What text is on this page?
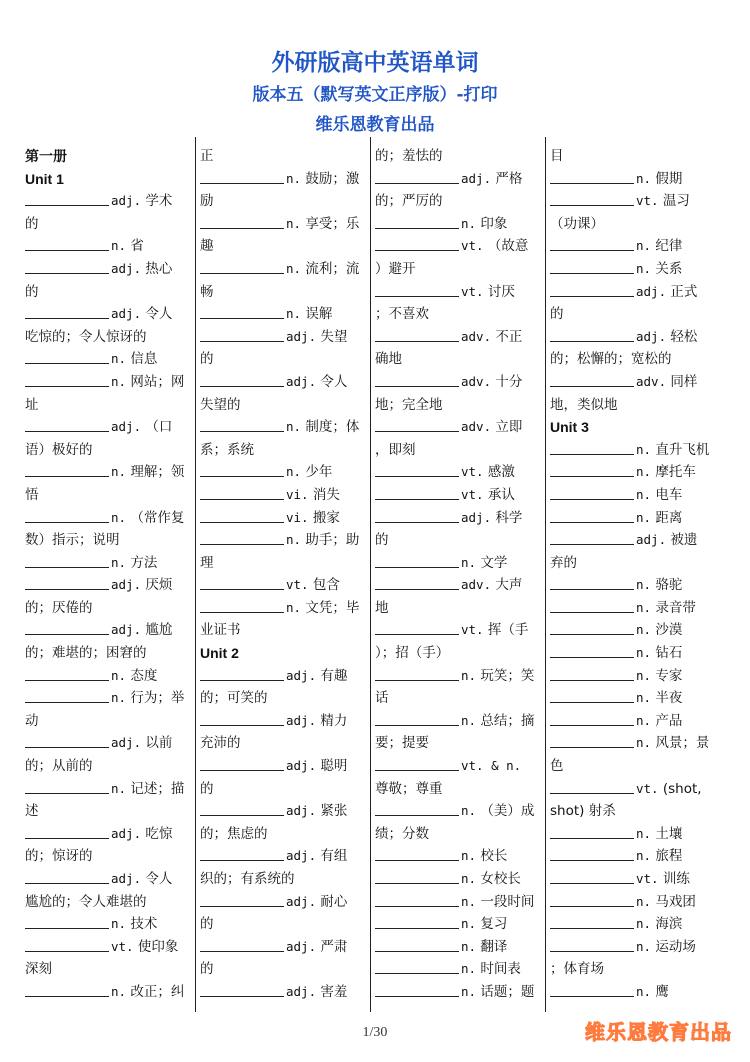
外研版高中英语单词
版本五（默写英文正序版）-打印
维乐恩教育出品
第一册
Unit 1
adj. 学术
的
n. 省
adj. 热心
的
adj. 令人
吃惊的；令人惊讶的
n. 信息
n. 网站；网
址
adj. （口
语）极好的
n. 理解；领
悟
n. （常作复
数）指示；说明
n. 方法
adj. 厌烦
的；厌倦的
adj. 尴尬
的；难堪的；困窘的
n. 态度
n. 行为；举
动
adj. 以前
的；从前的
n. 记述；描
述
adj. 吃惊
的；惊讶的
adj. 令人
尴尬的；令人难堪的
n. 技术
vt. 使印象
深刻
n. 改正；纠
正
n. 鼓励；激
励
n. 享受；乐
趣
n. 流利；流
畅
n. 误解
adj. 失望
的
adj. 令人
失望的
n. 制度；体
系；系统
n. 少年
vi. 消失
vi. 搬家
n. 助手；助
理
vt. 包含
n. 文凭；毕
业证书
Unit 2
adj. 有趣
的；可笑的
adj. 精力
充沛的
adj. 聪明
的
adj. 紧张
的；焦虑的
adj. 有组
织的；有系统的
adj. 耐心
的
adj. 严肃
的
adj. 害羞
的；羞怯的
adj. 严格
的；严厉的
n. 印象
vt. （故意
）避开
vt. 讨厌
；不喜欢
adv. 不正
确地
adv. 十分
地；完全地
adv. 立即
，即刻
vt. 感激
vt. 承认
adj. 科学
的
n. 文学
adv. 大声
地
vt. 挥（手
）；招（手）
n. 玩笑；笑
话
n. 总结；摘
要；提要
vt. & n.
尊敬；尊重
n. （美）成
绩；分数
n. 校长
n. 女校长
n. 一段时间
n. 复习
n. 翻译
n. 时间表
n. 话题；题
目
n. 假期
vt. 温习
（功课）
n. 纪律
n. 关系
adj. 正式
的
adj. 轻松
的；松懈的；宽松的
adv. 同样
地，类似地
Unit 3
n. 直升飞机
n. 摩托车
n. 电车
n. 距离
adj. 被遗
弃的
n. 骆驼
n. 录音带
n. 沙漠
n. 钻石
n. 专家
n. 半夜
n. 产品
n. 风景；景
色
vt. (shot,
shot) 射杀
n. 土壤
n. 旅程
vt. 训练
n. 马戏团
n. 海滨
n. 运动场
；体育场
n. 鹰
1/30	维乐恩教育出品
